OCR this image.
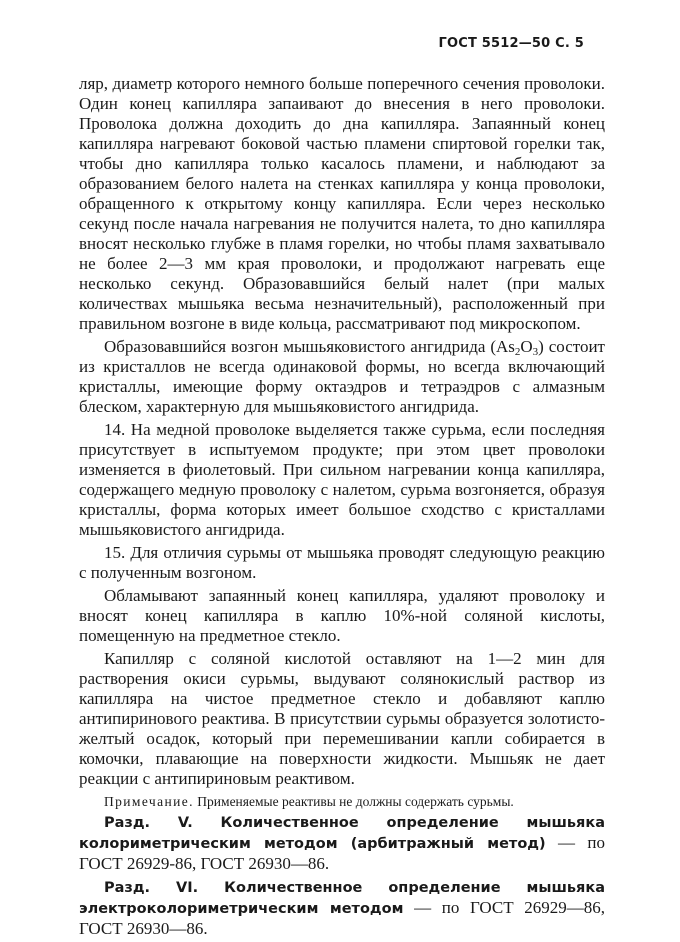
ГОСТ 5512—50 С. 5

ляр, диаметр которого немного больше поперечного сечения проволоки. Один конец капилляра запаивают до внесения в него проволоки. Проволока должна доходить до дна капилляра. Запаянный конец капилляра нагревают боковой частью пламени спиртовой горелки так, чтобы дно капилляра только касалось пламени, и наблюдают за образованием белого налета на стенках капилляра у конца проволоки, обращенного к открытому концу капилляра. Если через несколько секунд после начала нагревания не получится налета, то дно капилляра вносят несколько глубже в пламя горелки, но чтобы пламя захватывало не более 2—3 мм края проволоки, и продолжают нагревать еще несколько секунд. Образовавшийся белый налет (при малых количествах мышьяка весьма незначительный), расположенный при правильном возгоне в виде кольца, рассматривают под микроскопом.

Образовавшийся возгон мышьяковистого ангидрида $(As_2O_3)$ состоит из кристаллов не всегда одинаковой формы, но всегда включающий кристаллы, имеющие форму октаэдров и тетраэдров с алмазным блеском, характерную для мышьяковистого ангидрида.

14. На медной проволоке выделяется также сурьма, если последняя присутствует в испытуемом продукте; при этом цвет проволоки изменяется в фиолетовый. При сильном нагревании конца капилляра, содержащего медную проволоку с налетом, сурьма возгоняется, образуя кристаллы, форма которых имеет большое сходство с кристаллами мышьяковистого ангидрида.

15. Для отличия сурьмы от мышьяка проводят следующую реакцию с полученным возгоном.

Обламывают запаянный конец капилляра, удаляют проволоку и вносят конец капилляра в каплю 10%-ной соляной кислоты, помещенную на предметное стекло.

Капилляр с соляной кислотой оставляют на 1—2 мин для растворения окиси сурьмы, выдувают солянокислый раствор из капилляра на чистое предметное стекло и добавляют каплю антипиринового реактива. В присутствии сурьмы образуется золотисто-желтый осадок, который при перемешивании капли собирается в комочки, плавающие на поверхности жидкости. Мышьяк не дает реакции с антипириновым реактивом.

Примечание. Применяемые реактивы не должны содержать сурьмы.

Разд. V. Количественное определение мышьяка колориметрическим методом (арбитражный метод) — по ГОСТ 26929-86, ГОСТ 26930—86.

Разд. VI. Количественное определение мышьяка электроколориметрическим методом — по ГОСТ 26929—86, ГОСТ 26930—86.
